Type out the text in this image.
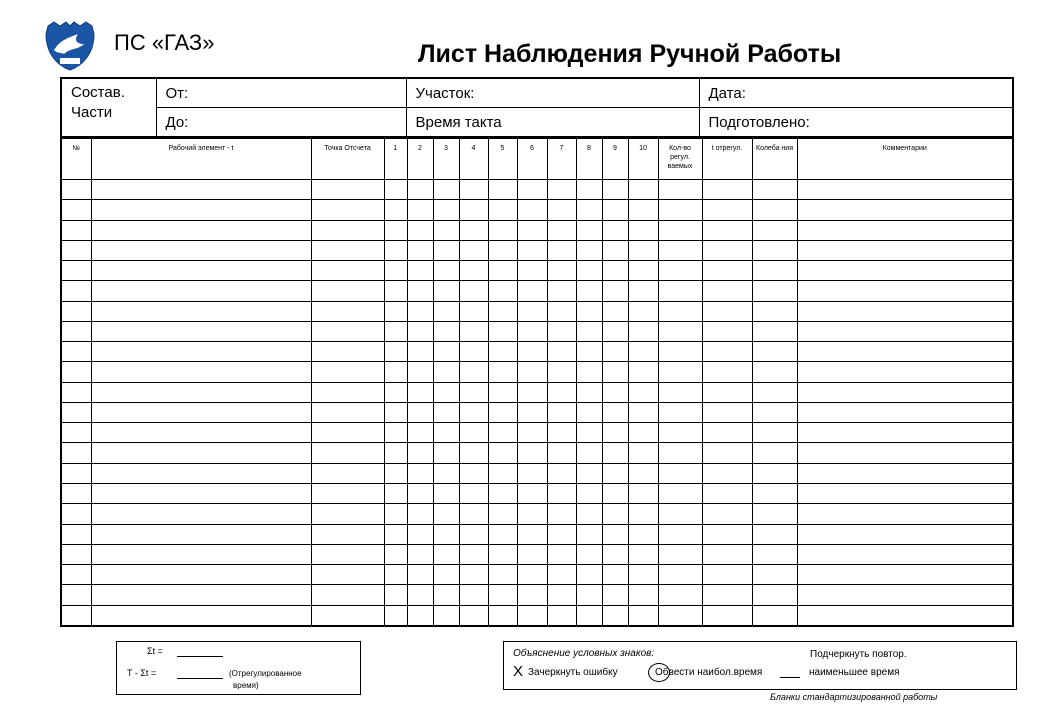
ПС «ГАЗ»	Лист Наблюдения Ручной Работы
Состав.
Части	От:	Участок:	Дата:
	До:	Время такта	Подготовлено:
№	Рабочий элемент - t	Точка Отсчета	1	2	3	4	5	6	7	8	9	10	Кол-во регул. ваемых	t отрегул.	Колеба ния	Комментарии

Σt =
T - Σt =	(Отрегулированное
время)
Объяснение условных знаков:	Подчеркнуть повтор.
X Зачеркнуть ошибку	Обвести наибол.время	наименьшее время
Бланки стандартизированной работы
